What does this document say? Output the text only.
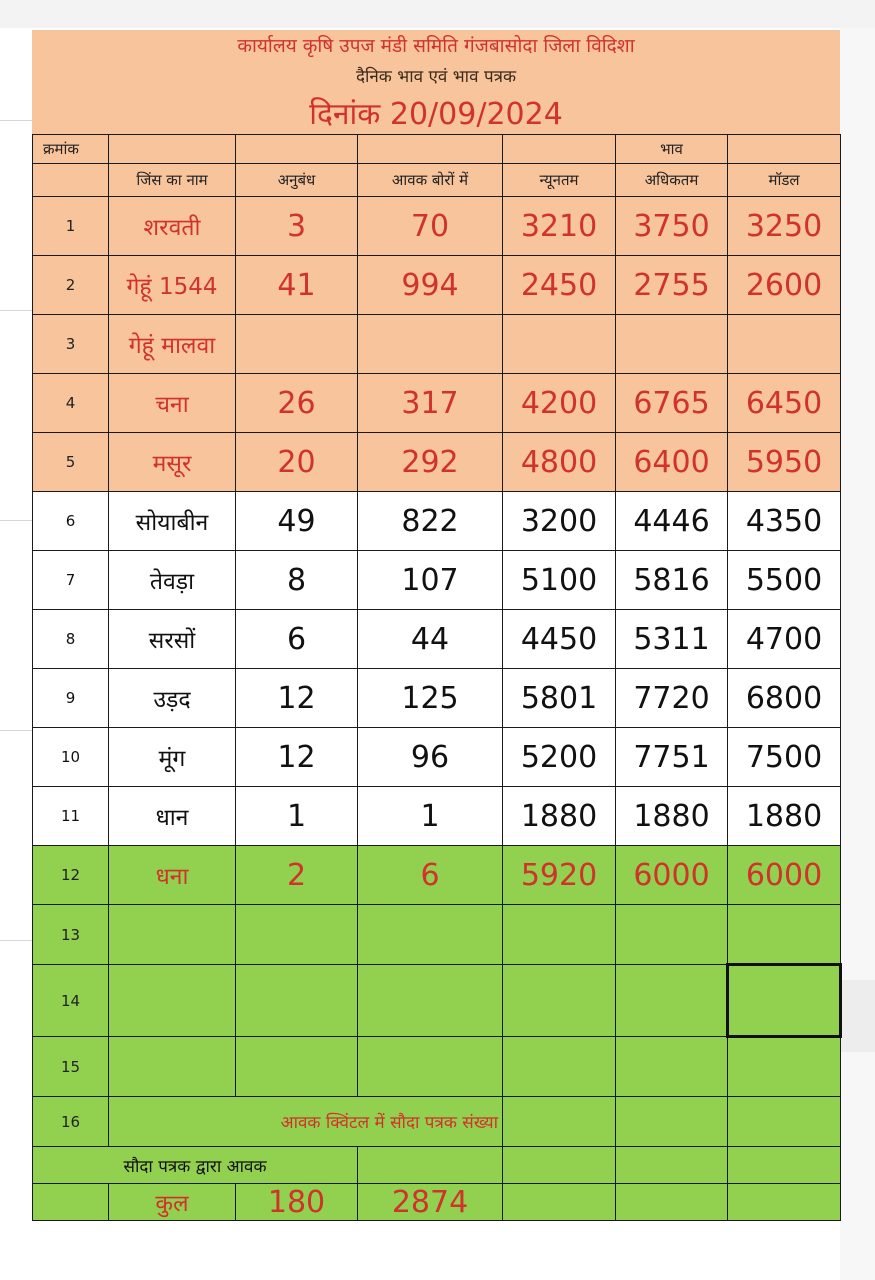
कार्यालय कृषि उपज मंडी समिति गंजबासोदा जिला विदिशा
दैनिक भाव एवं भाव पत्रक
दिनांक 20/09/2024
क्रमांक					भाव	
	जिंस का नाम	अनुबंध	आवक बोरों में	न्यूनतम	अधिकतम	मॉडल
1	शरवती	3	70	3210	3750	3250
2	गेहूं 1544	41	994	2450	2755	2600
3	गेहूं मालवा					
4	चना	26	317	4200	6765	6450
5	मसूर	20	292	4800	6400	5950
6	सोयाबीन	49	822	3200	4446	4350
7	तेवड़ा	8	107	5100	5816	5500
8	सरसों	6	44	4450	5311	4700
9	उड़द	12	125	5801	7720	6800
10	मूंग	12	96	5200	7751	7500
11	धान	1	1	1880	1880	1880
12	धना	2	6	5920	6000	6000
13						
14						
15						
16	आवक क्विंटल में सौदा पत्रक संख्या					
सौदा पत्रक द्वारा आवक						
	कुल	180	2874			
